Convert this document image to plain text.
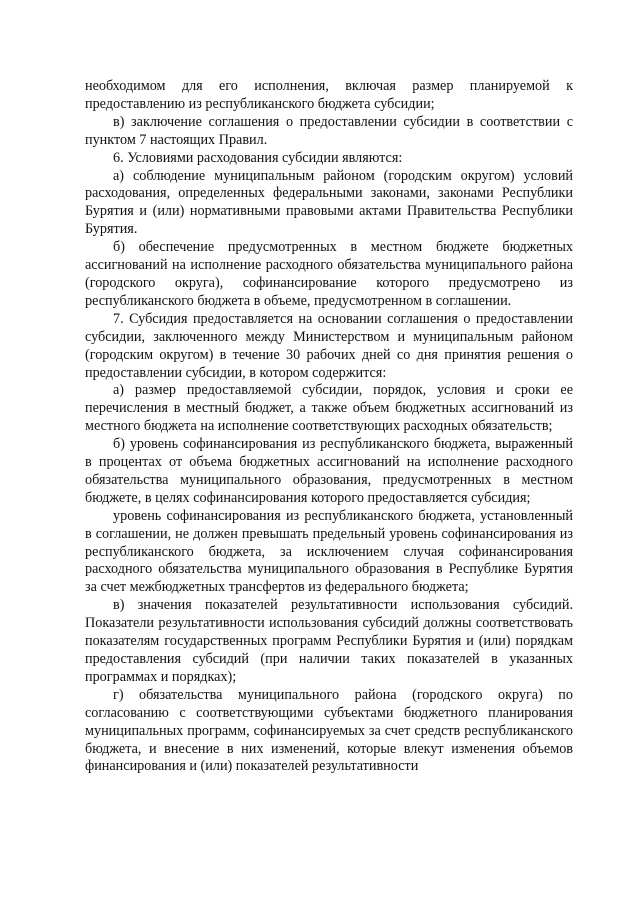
необходимом для его исполнения, включая размер планируемой к предоставлению из республиканского бюджета субсидии;

в) заключение соглашения о предоставлении субсидии в соответствии с пунктом 7 настоящих Правил.

6. Условиями расходования субсидии являются:

а) соблюдение муниципальным районом (городским округом) условий расходования, определенных федеральными законами, законами Республики Бурятия и (или) нормативными правовыми актами Правительства Республики Бурятия.

б) обеспечение предусмотренных в местном бюджете бюджетных ассигнований на исполнение расходного обязательства муниципального района (городского округа), софинансирование которого предусмотрено из республиканского бюджета в объеме, предусмотренном в соглашении.

7. Субсидия предоставляется на основании соглашения о предоставлении субсидии, заключенного между Министерством и муниципальным районом (городским округом) в течение 30 рабочих дней со дня принятия решения о предоставлении субсидии, в котором содержится:

а) размер предоставляемой субсидии, порядок, условия и сроки ее перечисления в местный бюджет, а также объем бюджетных ассигнований из местного бюджета на исполнение соответствующих расходных обязательств;

б) уровень софинансирования из республиканского бюджета, выраженный в процентах от объема бюджетных ассигнований на исполнение расходного обязательства муниципального образования, предусмотренных в местном бюджете, в целях софинансирования которого предоставляется субсидия;

уровень софинансирования из республиканского бюджета, установленный в соглашении, не должен превышать предельный уровень софинансирования из республиканского бюджета, за исключением случая софинансирования расходного обязательства муниципального образования в Республике Бурятия за счет межбюджетных трансфертов из федерального бюджета;

в) значения показателей результативности использования субсидий. Показатели результативности использования субсидий должны соответствовать показателям государственных программ Республики Бурятия и (или) порядкам предоставления субсидий (при наличии таких показателей в указанных программах и порядках);

г) обязательства муниципального района (городского округа) по согласованию с соответствующими субъектами бюджетного планирования муниципальных программ, софинансируемых за счет средств республиканского бюджета, и внесение в них изменений, которые влекут изменения объемов финансирования и (или) показателей результативности
